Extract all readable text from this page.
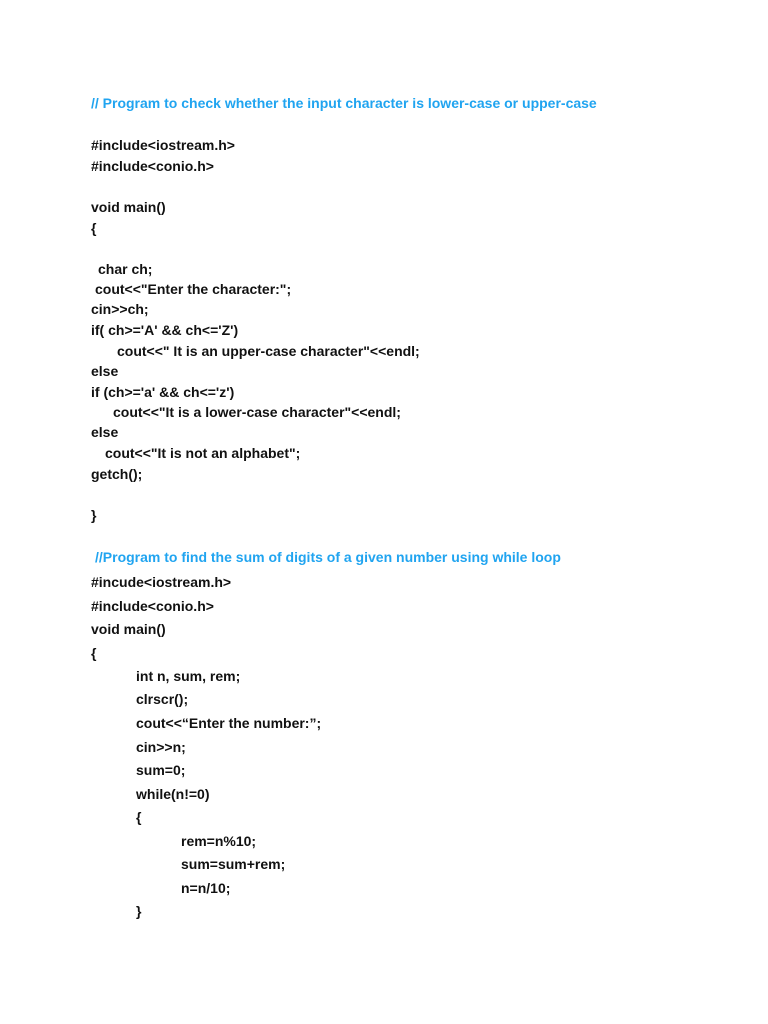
// Program to check whether the input character is lower-case or upper-case
#include<iostream.h>
#include<conio.h>
void main()
{
char ch;
cout<<"Enter the character:";
cin>>ch;
if( ch>='A' && ch<='Z')
cout<<" It is an upper-case character"<<endl;
else
if (ch>='a' && ch<='z')
cout<<"It is a lower-case character"<<endl;
else
cout<<"It is not an alphabet";
getch();
}
//Program to find the sum of digits of a given number using while loop
#incude<iostream.h>
#include<conio.h>
void main()
{
int n, sum, rem;
clrscr();
cout<<“Enter the number:”;
cin>>n;
sum=0;
while(n!=0)
{
rem=n%10;
sum=sum+rem;
n=n/10;
}
